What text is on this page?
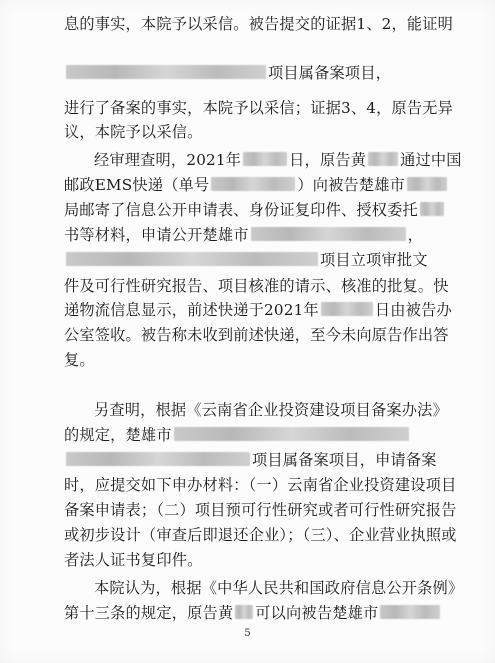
息的事实，本院予以采信。被告提交的证据1、2，能证明
项目属备案项目，
进行了备案的事实，本院予以采信；证据3、4，原告无异
议，本院予以采信。
经审理查明，2021年	日，原告黄 通过中国
邮政EMS快递（单号	）向被告楚雄市
局邮寄了信息公开申请表、身份证复印件、授权委托
书等材料，申请公开楚雄市	，
项目立项审批文
件及可行性研究报告、项目核准的请示、核准的批复。快
递物流信息显示，前述快递于2021年	日由被告办
公室签收。被告称未收到前述快递，至今未向原告作出答
复。
另查明，根据《云南省企业投资建设项目备案办法》
的规定，楚雄市
项目属备案项目，申请备案
时，应提交如下申办材料：（一）云南省企业投资建设项目
备案申请表；（二）项目预可行性研究或者可行性研究报告
或初步设计（审查后即退还企业）；（三）、企业营业执照或
者法人证书复印件。
本院认为，根据《中华人民共和国政府信息公开条例》
第十三条的规定，原告黄 可以向被告楚雄市
5
